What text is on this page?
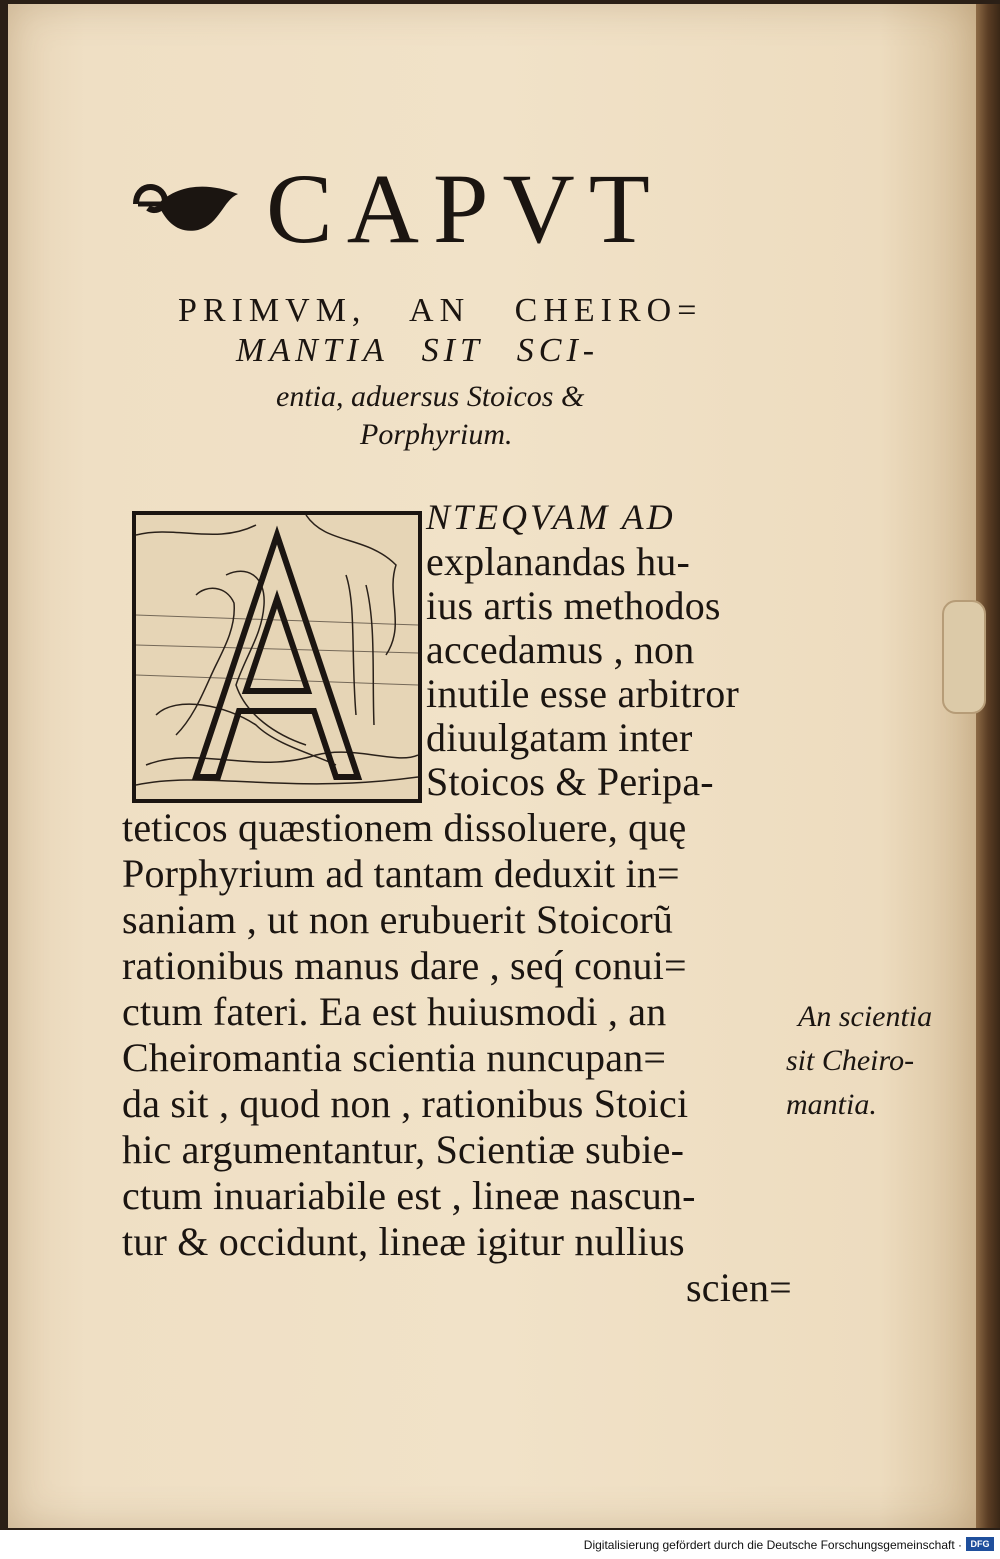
CAPVT
PRIMVM, AN CHEIRO=
MANTIA SIT SCI-
entia, aduersus Stoicos &
Porphyrium.
NTEQVAM AD
explanandas hu-
ius artis methodos
accedamus , non
inutile esse arbitror
diuulgatam inter
Stoicos & Peripa-
teticos quæstionem dissoluere, quę
Porphyrium ad tantam deduxit in=
saniam , ut non erubuerit Stoicorũ
rationibus manus dare , seq́ conui=
ctum fateri. Ea est huiusmodi , an
Cheiromantia scientia nuncupan=
da sit , quod non , rationibus Stoici
hic argumentantur, Scientiæ subie-
ctum inuariabile est , lineæ nascun-
tur & occidunt, lineæ igitur nullius
scien=
An scientia
sit Cheiro-
mantia.
Digitalisierung gefördert durch die Deutsche Forschungsgemeinschaft · DFG
